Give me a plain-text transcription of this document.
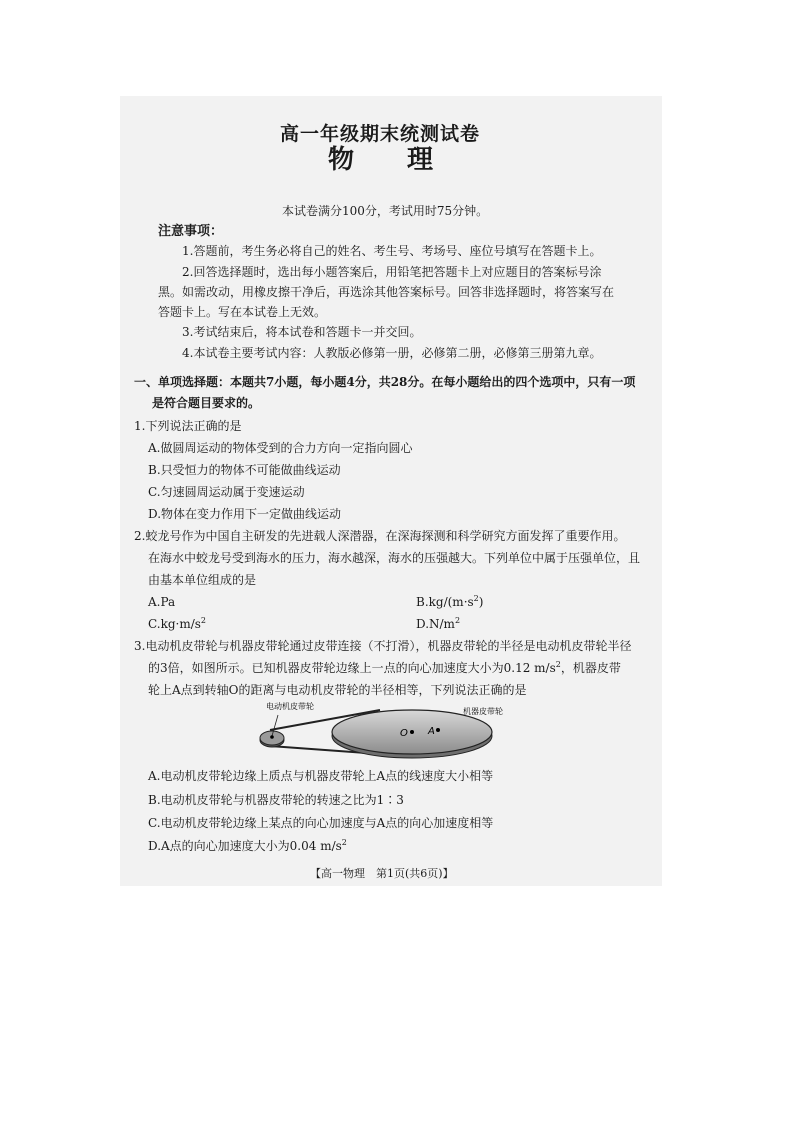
高一年级期末统测试卷
物 理
本试卷满分100分，考试用时75分钟。
注意事项：
1.答题前，考生务必将自己的姓名、考生号、考场号、座位号填写在答题卡上。
2.回答选择题时，选出每小题答案后，用铅笔把答题卡上对应题目的答案标号涂
黑。如需改动，用橡皮擦干净后，再选涂其他答案标号。回答非选择题时，将答案写在
答题卡上。写在本试卷上无效。
3.考试结束后，将本试卷和答题卡一并交回。
4.本试卷主要考试内容：人教版必修第一册，必修第二册，必修第三册第九章。
一、单项选择题：本题共7小题，每小题4分，共28分。在每小题给出的四个选项中，只有一项
是符合题目要求的。
1.下列说法正确的是
A.做圆周运动的物体受到的合力方向一定指向圆心
B.只受恒力的物体不可能做曲线运动
C.匀速圆周运动属于变速运动
D.物体在变力作用下一定做曲线运动
2.蛟龙号作为中国自主研发的先进载人深潜器，在深海探测和科学研究方面发挥了重要作用。
在海水中蛟龙号受到海水的压力，海水越深，海水的压强越大。下列单位中属于压强单位，且
由基本单位组成的是
A.Pa	$B.kg/(m\cdot s^2)$
$C.kg\cdot m/s^2$	$D.N/m^2$
3.电动机皮带轮与机器皮带轮通过皮带连接（不打滑），机器皮带轮的半径是电动机皮带轮半径
的3倍，如图所示。已知机器皮带轮边缘上一点的向心加速度大小为0.12 $m/s^2$，机器皮带
轮上A点到转轴O的距离与电动机皮带轮的半径相等，下列说法正确的是
O A
电动机皮带轮
机器皮带轮
A.电动机皮带轮边缘上质点与机器皮带轮上A点的线速度大小相等
B.电动机皮带轮与机器皮带轮的转速之比为1∶3
C.电动机皮带轮边缘上某点的向心加速度与A点的向心加速度相等
D.A点的向心加速度大小为0.04 $m/s^2$
【高一物理　第1页(共6页)】
